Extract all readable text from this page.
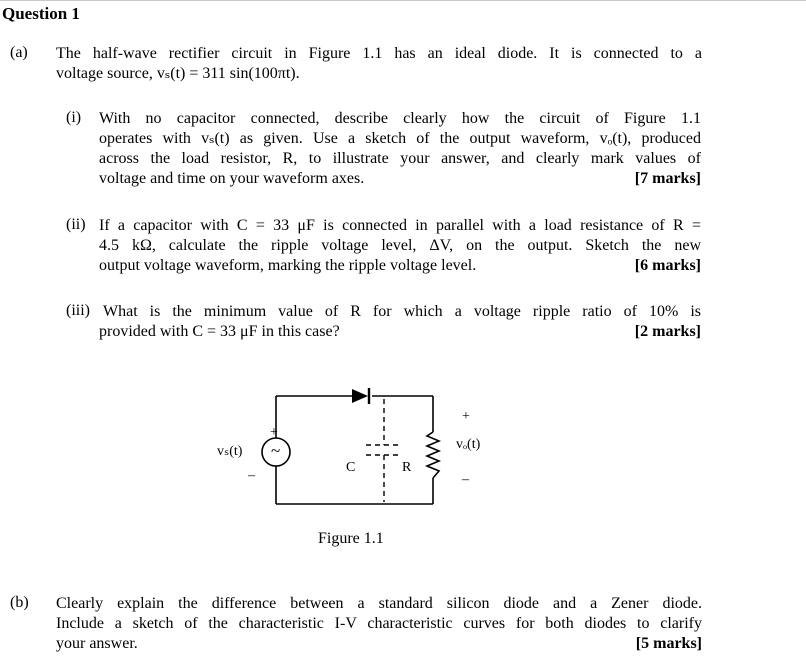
Question 1
(a) The half-wave rectifier circuit in Figure 1.1 has an ideal diode. It is connected to a
voltage source, vₛ(t) = 311 sin(100πt).
(i) With no capacitor connected, describe clearly how the circuit of Figure 1.1
operates with vₛ(t) as given. Use a sketch of the output waveform, vₒ(t), produced
across the load resistor, R, to illustrate your answer, and clearly mark values of
voltage and time on your waveform axes.	[7 marks]
(ii) If a capacitor with C = 33 μF is connected in parallel with a load resistance of R =
4.5 kΩ, calculate the ripple voltage level, ΔV, on the output. Sketch the new
output voltage waveform, marking the ripple voltage level.	[6 marks]
(iii) What is the minimum value of R for which a voltage ripple ratio of 10% is
provided with C = 33 μF in this case?	[2 marks]
+
–
vₛ(t) ~
C	R
+
vₒ(t)
–
Figure 1.1
(b) Clearly explain the difference between a standard silicon diode and a Zener diode.
Include a sketch of the characteristic I-V characteristic curves for both diodes to clarify
your answer.	[5 marks]
